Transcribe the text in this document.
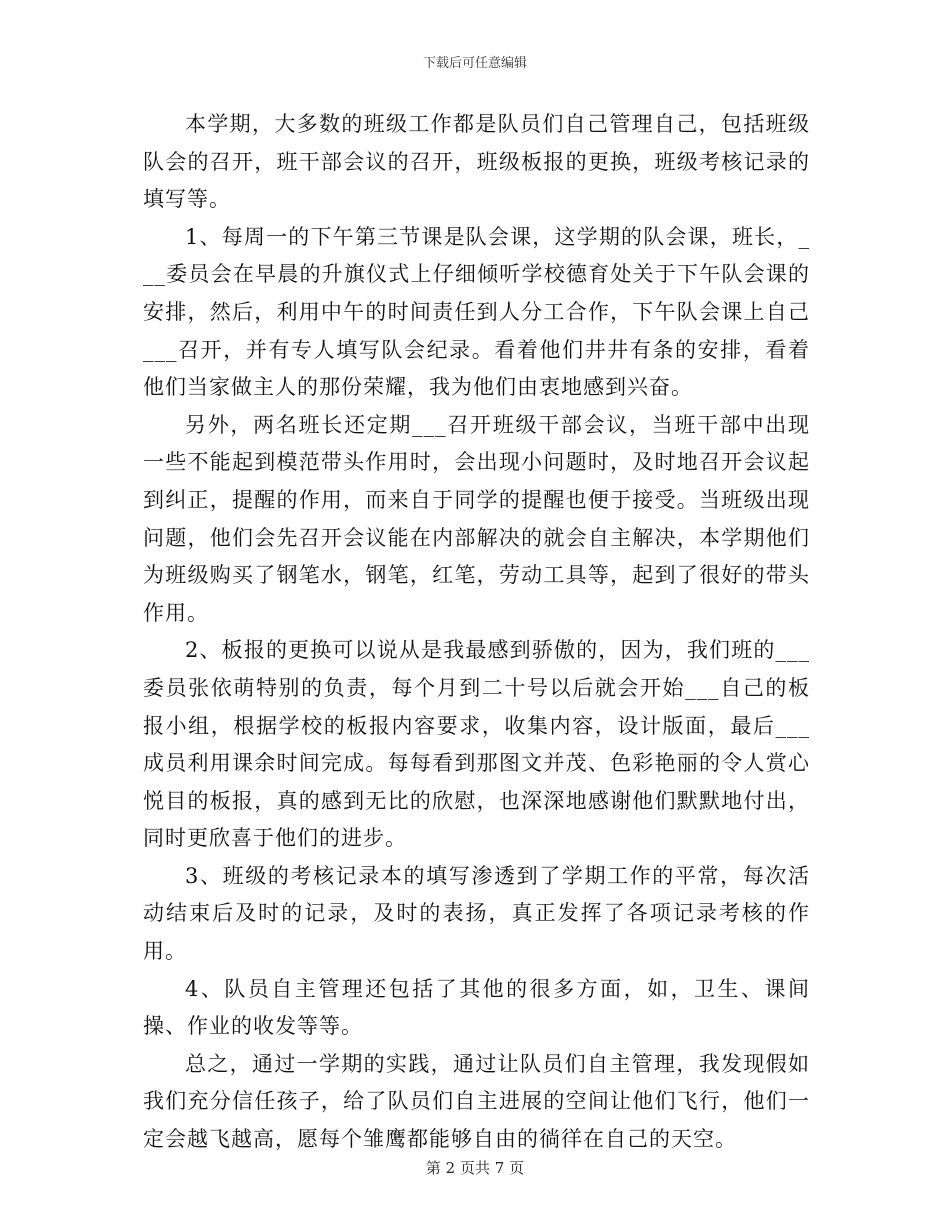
下载后可任意编辑

本学期，大多数的班级工作都是队员们自己管理自己，包括班级队会的召开，班干部会议的召开，班级板报的更换，班级考核记录的填写等。

1、每周一的下午第三节课是队会课，这学期的队会课，班长，___委员会在早晨的升旗仪式上仔细倾听学校德育处关于下午队会课的安排，然后，利用中午的时间责任到人分工合作，下午队会课上自己___召开，并有专人填写队会纪录。看着他们井井有条的安排，看着他们当家做主人的那份荣耀，我为他们由衷地感到兴奋。

另外，两名班长还定期___召开班级干部会议，当班干部中出现一些不能起到模范带头作用时，会出现小问题时，及时地召开会议起到纠正，提醒的作用，而来自于同学的提醒也便于接受。当班级出现问题，他们会先召开会议能在内部解决的就会自主解决，本学期他们为班级购买了钢笔水，钢笔，红笔，劳动工具等，起到了很好的带头作用。

2、板报的更换可以说从是我最感到骄傲的，因为，我们班的___委员张依萌特别的负责，每个月到二十号以后就会开始___自己的板报小组，根据学校的板报内容要求，收集内容，设计版面，最后___成员利用课余时间完成。每每看到那图文并茂、色彩艳丽的令人赏心悦目的板报，真的感到无比的欣慰，也深深地感谢他们默默地付出，同时更欣喜于他们的进步。

3、班级的考核记录本的填写渗透到了学期工作的平常，每次活动结束后及时的记录，及时的表扬，真正发挥了各项记录考核的作用。

4、队员自主管理还包括了其他的很多方面，如，卫生、课间操、作业的收发等等。

总之，通过一学期的实践，通过让队员们自主管理，我发现假如我们充分信任孩子，给了队员们自主进展的空间让他们飞行，他们一定会越飞越高，愿每个雏鹰都能够自由的徜徉在自己的天空。

第 2 页共 7 页
